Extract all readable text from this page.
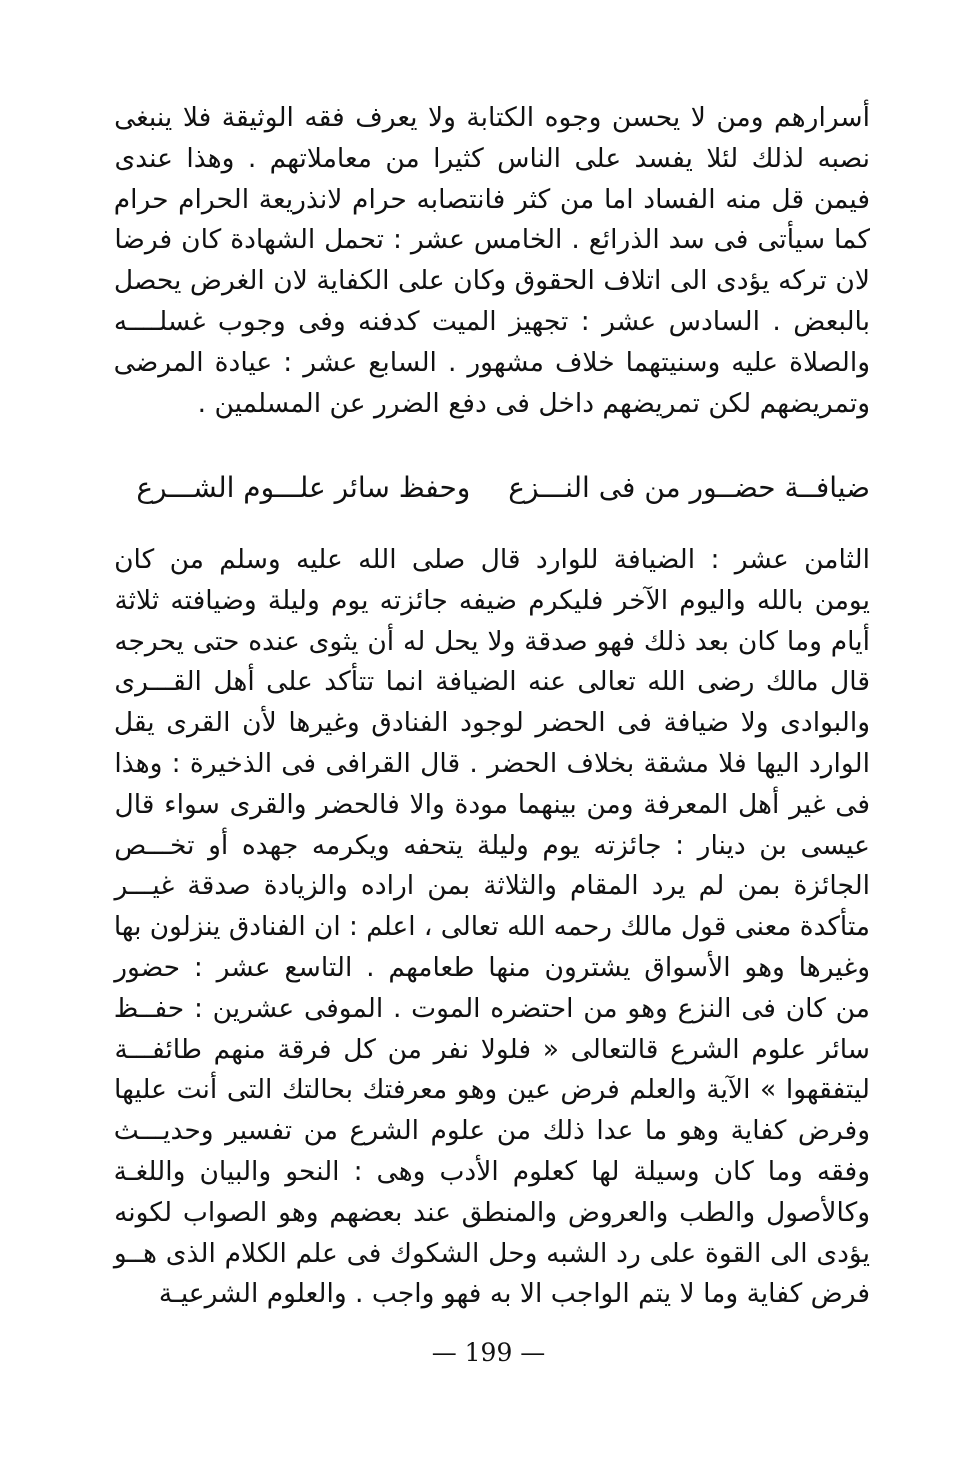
أسرارهم ومن لا يحسن وجوه الكتابة ولا يعرف فقه الوثيقة فلا ينبغى
نصبه لذلك لئلا يفسد على الناس كثيرا من معاملاتهم . وهذا عندى
فيمن قل منه الفساد اما من كثر فانتصابه حرام لانذريعة الحرام حرام
كما سيأتى فى سد الذرائع . الخامس عشر : تحمل الشهادة كان فرضا
لان تركه يؤدى الى اتلاف الحقوق وكان على الكفاية لان الغرض يحصل
بالبعض . السادس عشر : تجهيز الميت كدفنه وفى وجوب غسلــــه
والصلاة عليه وسنيتهما خلاف مشهور . السابع عشر : عيادة المرضى
وتمريضهم لكن تمريضهم داخل فى دفع الضرر عن المسلمين .
ضيافــة حضــور من فى النـــزعوحفظ سائر علـــوم الشـــرع
الثامن عشر : الضيافة للوارد قال صلى الله عليه وسلم من كان
يومن بالله واليوم الآخر فليكرم ضيفه جائزته يوم وليلة وضيافته ثلاثة
أيام وما كان بعد ذلك فهو صدقة ولا يحل له أن يثوى عنده حتى يحرجه
قال مالك رضى الله تعالى عنه الضيافة انما تتأكد على أهل القـــرى
والبوادى ولا ضيافة فى الحضر لوجود الفنادق وغيرها لأن القرى يقل
الوارد اليها فلا مشقة بخلاف الحضر . قال القرافى فى الذخيرة : وهذا
فى غير أهل المعرفة ومن بينهما مودة والا فالحضر والقرى سواء قال
عيسى بن دينار : جائزته يوم وليلة يتحفه ويكرمه جهده أو تخـــص
الجائزة بمن لم يرد المقام والثلاثة بمن اراده والزيادة صدقة غيـــر
متأكدة معنى قول مالك رحمه الله تعالى ، اعلم : ان الفنادق ينزلون بها
وغيرها وهو الأسواق يشترون منها طعامهم . التاسع عشر : حضور
من كان فى النزع وهو من احتضره الموت . الموفى عشرين : حفــظ
سائر علوم الشرع قالتعالى « فلولا نفر من كل فرقة منهم طائفـــة
ليتفقهوا » الآية والعلم فرض عين وهو معرفتك بحالتك التى أنت عليها
وفرض كفاية وهو ما عدا ذلك من علوم الشرع من تفسير وحديـــث
وفقه وما كان وسيلة لها كعلوم الأدب وهى : النحو والبيان واللغـة
وكالأصول والطب والعروض والمنطق عند بعضهم وهو الصواب لكونه
يؤدى الى القوة على رد الشبه وحل الشكوك فى علم الكلام الذى هــو
فرض كفاية وما لا يتم الواجب الا به فهو واجب . والعلوم الشرعيـة
— 199 —
